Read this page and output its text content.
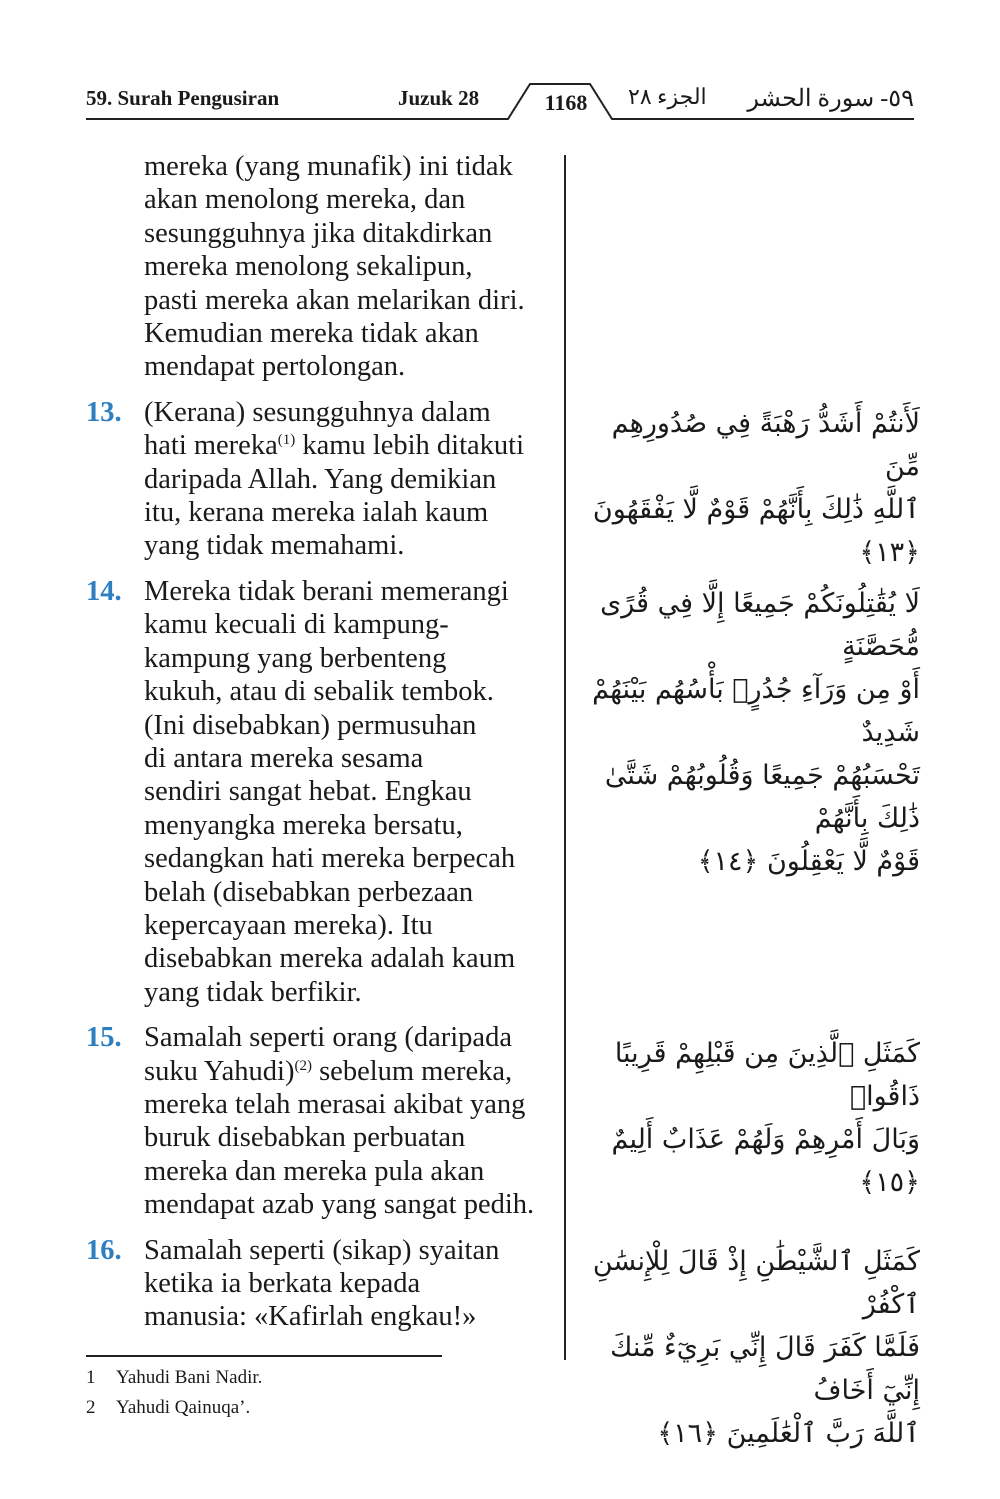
59. Surah Pengusiran	Juzuk 28	1168 الجزء ٢٨ ٥٩- سورة الحشر
mereka (yang munafik) ini tidak
akan menolong mereka, dan
sesungguhnya jika ditakdirkan
mereka menolong sekalipun,
pasti mereka akan melarikan diri.
Kemudian mereka tidak akan
mendapat pertolongan.
13. (Kerana) sesungguhnya dalam
hati mereka$^{(1)}$ kamu lebih ditakuti
daripada Allah. Yang demikian
itu, kerana mereka ialah kaum
yang tidak memahami.
14. Mereka tidak berani memerangi
kamu kecuali di kampung-
kampung yang berbenteng
kukuh, atau di sebalik tembok.
(Ini disebabkan) permusuhan
di antara mereka sesama
sendiri sangat hebat. Engkau
menyangka mereka bersatu,
sedangkan hati mereka berpecah
belah (disebabkan perbezaan
kepercayaan mereka). Itu
disebabkan mereka adalah kaum
yang tidak berfikir.
15. Samalah seperti orang (daripada
suku Yahudi)$^{(2)}$ sebelum mereka,
mereka telah merasai akibat yang
buruk disebabkan perbuatan
mereka dan mereka pula akan
mendapat azab yang sangat pedih.
16. Samalah seperti (sikap) syaitan
ketika ia berkata kepada
manusia: «Kafirlah engkau!»
لَأَنتُمْ أَشَدُّ رَهْبَةً فِي صُدُورِهِم مِّنَ
ٱللَّهِ ذَٰلِكَ بِأَنَّهُمْ قَوْمٌ لَّا يَفْقَهُونَ ﴿١٣﴾
لَا يُقَٰتِلُونَكُمْ جَمِيعًا إِلَّا فِي قُرًى مُّحَصَّنَةٍ
أَوْ مِن وَرَآءِ جُدُرٍۭ بَأْسُهُم بَيْنَهُمْ شَدِيدٌ
تَحْسَبُهُمْ جَمِيعًا وَقُلُوبُهُمْ شَتَّىٰ ذَٰلِكَ بِأَنَّهُمْ
قَوْمٌ لَّا يَعْقِلُونَ ﴿١٤﴾
كَمَثَلِ ٱلَّذِينَ مِن قَبْلِهِمْ قَرِيبًا ذَاقُوا۟
وَبَالَ أَمْرِهِمْ وَلَهُمْ عَذَابٌ أَلِيمٌ ﴿١٥﴾
كَمَثَلِ ٱلشَّيْطَٰنِ إِذْ قَالَ لِلْإِنسَٰنِ ٱكْفُرْ
فَلَمَّا كَفَرَ قَالَ إِنِّي بَرِيٓءٌ مِّنكَ إِنِّيٓ أَخَافُ
ٱللَّهَ رَبَّ ٱلْعَٰلَمِينَ ﴿١٦﴾
1 Yahudi Bani Nadir.
2 Yahudi Qainuqa’.
